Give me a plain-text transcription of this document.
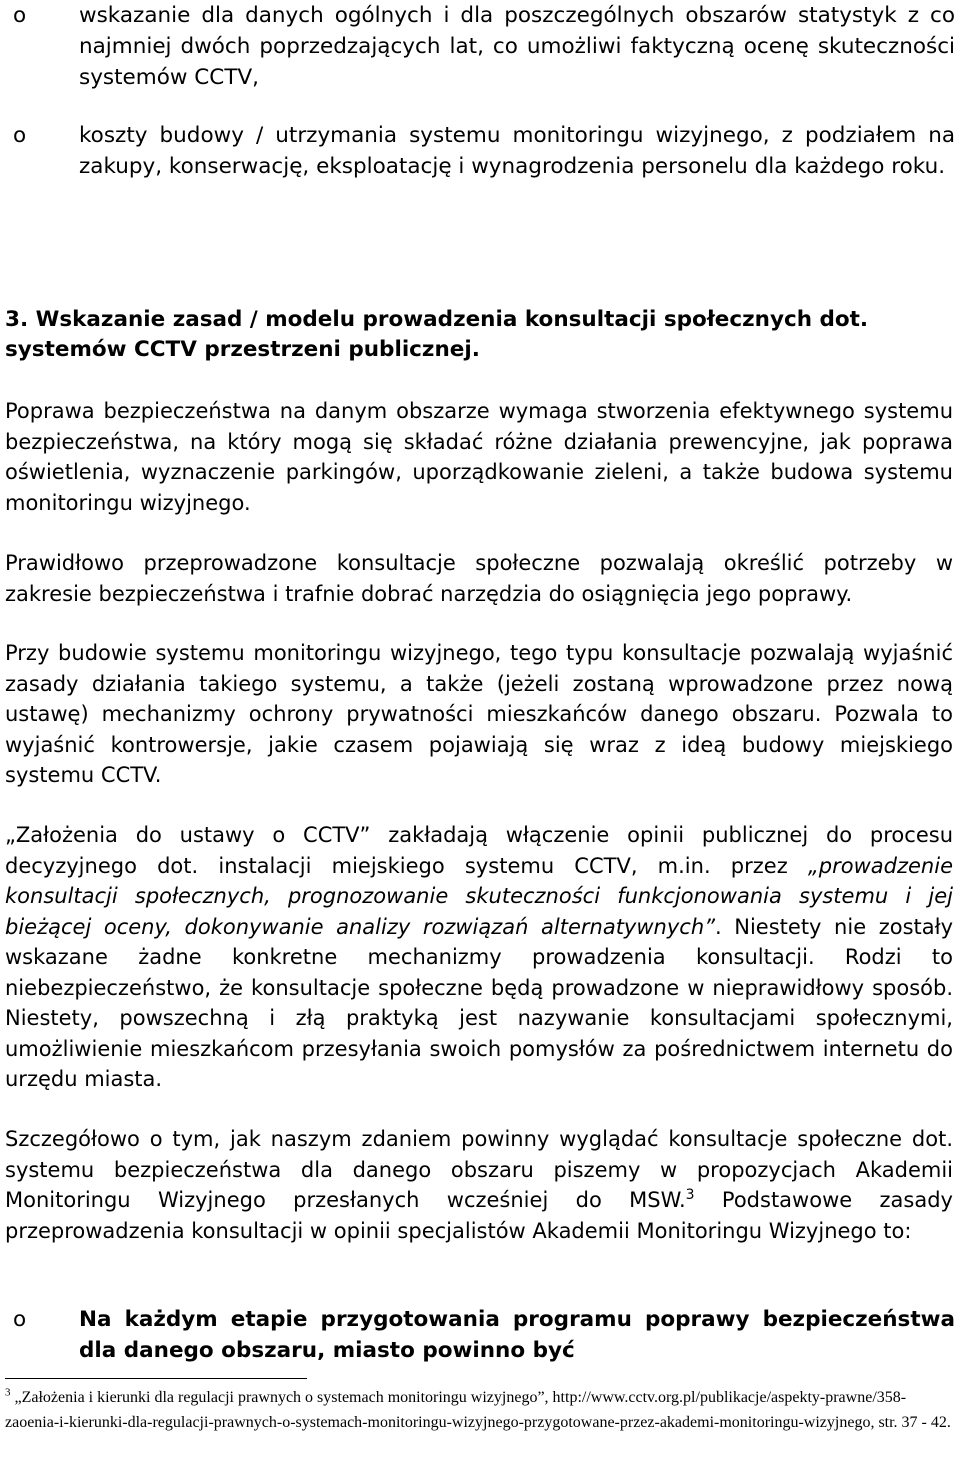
o wskazanie dla danych ogólnych i dla poszczególnych obszarów statystyk z co najmniej dwóch poprzedzających lat, co umożliwi faktyczną ocenę skuteczności systemów CCTV,
o koszty budowy / utrzymania systemu monitoringu wizyjnego, z podziałem na zakupy, konserwację, eksploatację i wynagrodzenia personelu dla każdego roku.
3. Wskazanie zasad / modelu prowadzenia konsultacji społecznych dot. systemów CCTV przestrzeni publicznej.
Poprawa bezpieczeństwa na danym obszarze wymaga stworzenia efektywnego systemu bezpieczeństwa, na który mogą się składać różne działania prewencyjne, jak poprawa oświetlenia, wyznaczenie parkingów, uporządkowanie zieleni, a także budowa systemu monitoringu wizyjnego.
Prawidłowo przeprowadzone konsultacje społeczne pozwalają określić potrzeby w zakresie bezpieczeństwa i trafnie dobrać narzędzia do osiągnięcia jego poprawy.
Przy budowie systemu monitoringu wizyjnego, tego typu konsultacje pozwalają wyjaśnić zasady działania takiego systemu, a także (jeżeli zostaną wprowadzone przez nową ustawę) mechanizmy ochrony prywatności mieszkańców danego obszaru. Pozwala to wyjaśnić kontrowersje, jakie czasem pojawiają się wraz z ideą budowy miejskiego systemu CCTV.
„Założenia do ustawy o CCTV” zakładają włączenie opinii publicznej do procesu decyzyjnego dot. instalacji miejskiego systemu CCTV, m.in. przez „prowadzenie konsultacji społecznych, prognozowanie skuteczności funkcjonowania systemu i jej bieżącej oceny, dokonywanie analizy rozwiązań alternatywnych”. Niestety nie zostały wskazane żadne konkretne mechanizmy prowadzenia konsultacji. Rodzi to niebezpieczeństwo, że konsultacje społeczne będą prowadzone w nieprawidłowy sposób. Niestety, powszechną i złą praktyką jest nazywanie konsultacjami społecznymi, umożliwienie mieszkańcom przesyłania swoich pomysłów za pośrednictwem internetu do urzędu miasta.
Szczegółowo o tym, jak naszym zdaniem powinny wyglądać konsultacje społeczne dot. systemu bezpieczeństwa dla danego obszaru piszemy w propozycjach Akademii Monitoringu Wizyjnego przesłanych wcześniej do MSW.$^3$ Podstawowe zasady przeprowadzenia konsultacji w opinii specjalistów Akademii Monitoringu Wizyjnego to:
o Na każdym etapie przygotowania programu poprawy bezpieczeństwa dla danego obszaru, miasto powinno być
$^3$ „Założenia i kierunki dla regulacji prawnych o systemach monitoringu wizyjnego”, http://www.cctv.org.pl/publikacje/aspekty-prawne/358-zaoenia-i-kierunki-dla-regulacji-prawnych-o-systemach-monitoringu-wizyjnego-przygotowane-przez-akademi-monitoringu-wizyjnego, str. 37 - 42.
